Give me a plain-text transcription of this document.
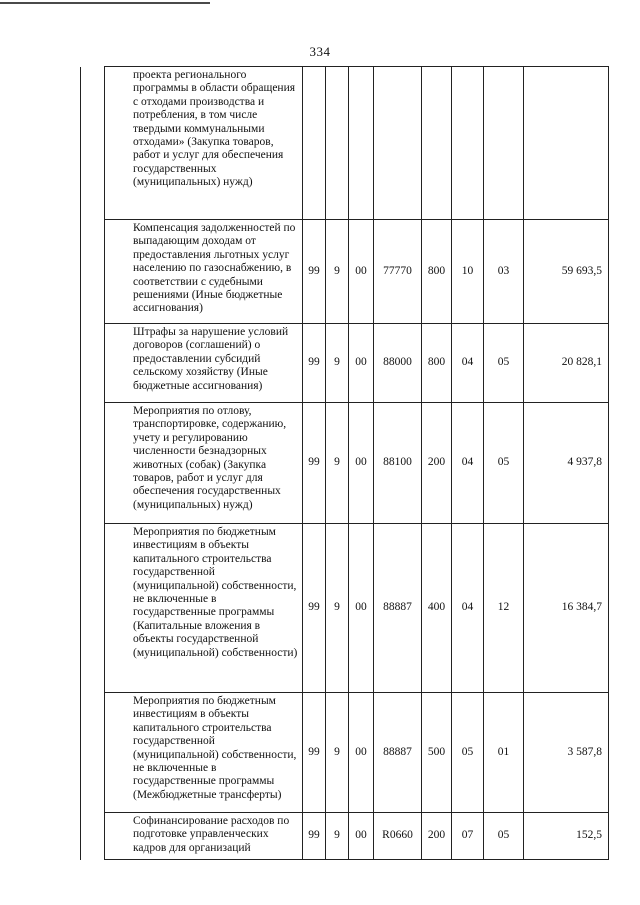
334
	проекта регионального программы в области обращения с отходами производства и потребления, в том числе твердыми коммунальными отходами» (Закупка товаров, работ и услуг для обеспечения государственных (муниципальных) нужд)								
	Компенсация задолженностей по выпадающим доходам от предоставления льготных услуг населению по газоснабжению, в соответствии с судебными решениями (Иные бюджетные ассигнования)	99	9	00	77770	800	10	03	59 693,5
	Штрафы за нарушение условий договоров (соглашений) о предоставлении субсидий сельскому хозяйству (Иные бюджетные ассигнования)	99	9	00	88000	800	04	05	20 828,1
	Мероприятия по отлову, транспортировке, содержанию, учету и регулированию численности безнадзорных животных (собак) (Закупка товаров, работ и услуг для обеспечения государственных (муниципальных) нужд)	99	9	00	88100	200	04	05	4 937,8
	Мероприятия по бюджетным инвестициям в объекты капитального строительства государственной (муниципальной) собственности, не включенные в государственные программы (Капитальные вложения в объекты государственной (муниципальной) собственности)	99	9	00	88887	400	04	12	16 384,7
	Мероприятия по бюджетным инвестициям в объекты капитального строительства государственной (муниципальной) собственности, не включенные в государственные программы (Межбюджетные трансферты)	99	9	00	88887	500	05	01	3 587,8
	Софинансирование расходов по подготовке управленческих кадров для организаций	99	9	00	R0660	200	07	05	152,5
